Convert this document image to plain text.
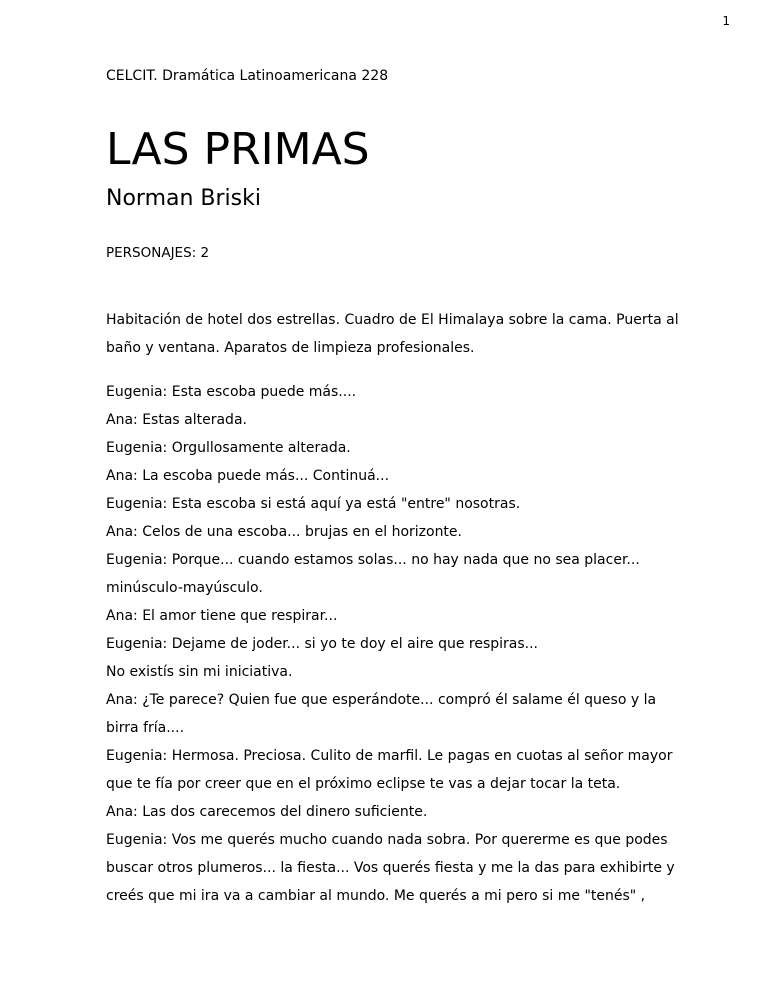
1
CELCIT. Dramática Latinoamericana 228
LAS PRIMAS
Norman Briski
PERSONAJES: 2

Habitación de hotel dos estrellas. Cuadro de El Himalaya sobre la cama. Puerta al

baño y ventana. Aparatos de limpieza profesionales.

Eugenia: Esta escoba puede más....

Ana: Estas alterada.

Eugenia: Orgullosamente alterada.

Ana: La escoba puede más... Continuá...

Eugenia: Esta escoba si está aquí ya está "entre" nosotras.

Ana: Celos de una escoba... brujas en el horizonte.

Eugenia: Porque... cuando estamos solas... no hay nada que no sea placer...

minúsculo-mayúsculo.

Ana: El amor tiene que respirar...

Eugenia: Dejame de joder... si yo te doy el aire que respiras...

No existís sin mi iniciativa.

Ana: ¿Te parece? Quien fue que esperándote... compró él salame él queso y la

birra fría....

Eugenia: Hermosa. Preciosa. Culito de marfil. Le pagas en cuotas al señor mayor

que te fía por creer que en el próximo eclipse te vas a dejar tocar la teta.

Ana: Las dos carecemos del dinero suficiente.

Eugenia: Vos me querés mucho cuando nada sobra. Por quererme es que podes

buscar otros plumeros... la fiesta... Vos querés fiesta y me la das para exhibirte y

creés que mi ira va a cambiar al mundo. Me querés a mi pero si me "tenés" ,
